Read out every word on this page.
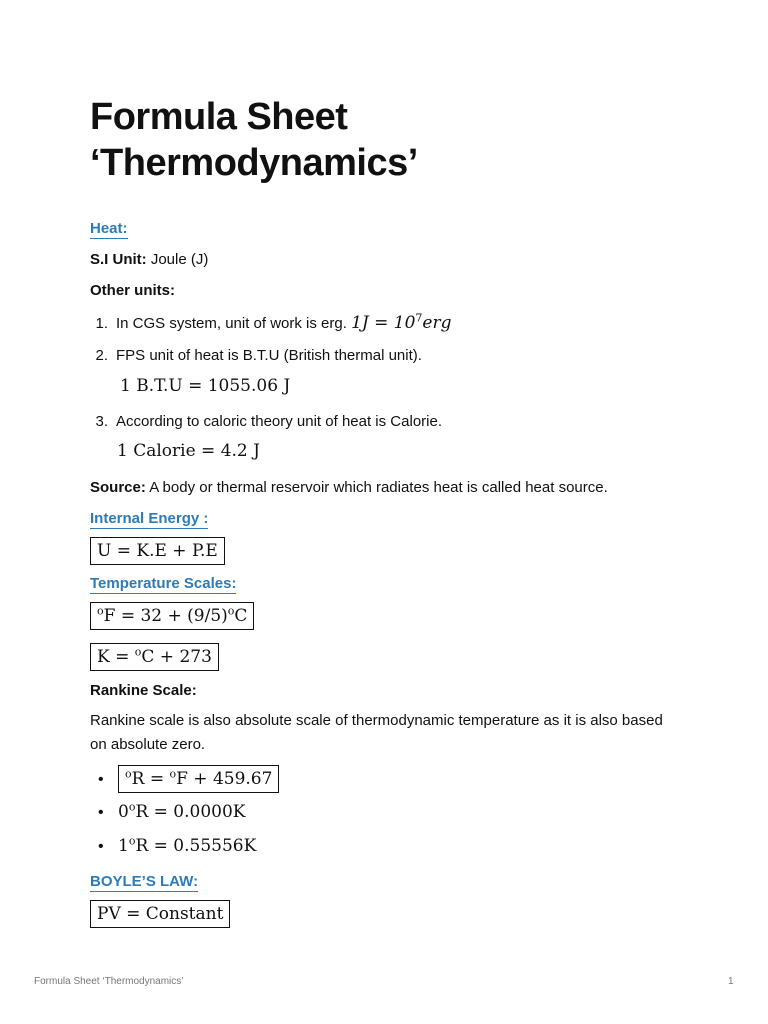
Formula Sheet
‘Thermodynamics’
Heat:
S.I Unit: Joule (J)
Other units:
1. In CGS system, unit of work is erg. $1J = 10^7erg$
2. FPS unit of heat is B.T.U (British thermal unit).
1 B.T.U = 1055.06 J
3. According to caloric theory unit of heat is Calorie.
1 Calorie = 4.2 J
Source: A body or thermal reservoir which radiates heat is called heat source.
Internal Energy :
U = K.E + P.E
Temperature Scales:
$^oF = 32 + (9/5)^oC$
K = $^o$C + 273
Rankine Scale:
Rankine scale is also absolute scale of thermodynamic temperature as it is also based on absolute zero.
• $^o$R = $^o$F + 459.67
• $0^oR = 0.0000K$
• $1^oR = 0.55556K$
BOYLE’S LAW:
PV = Constant
Formula Sheet ‘Thermodynamics’	1
